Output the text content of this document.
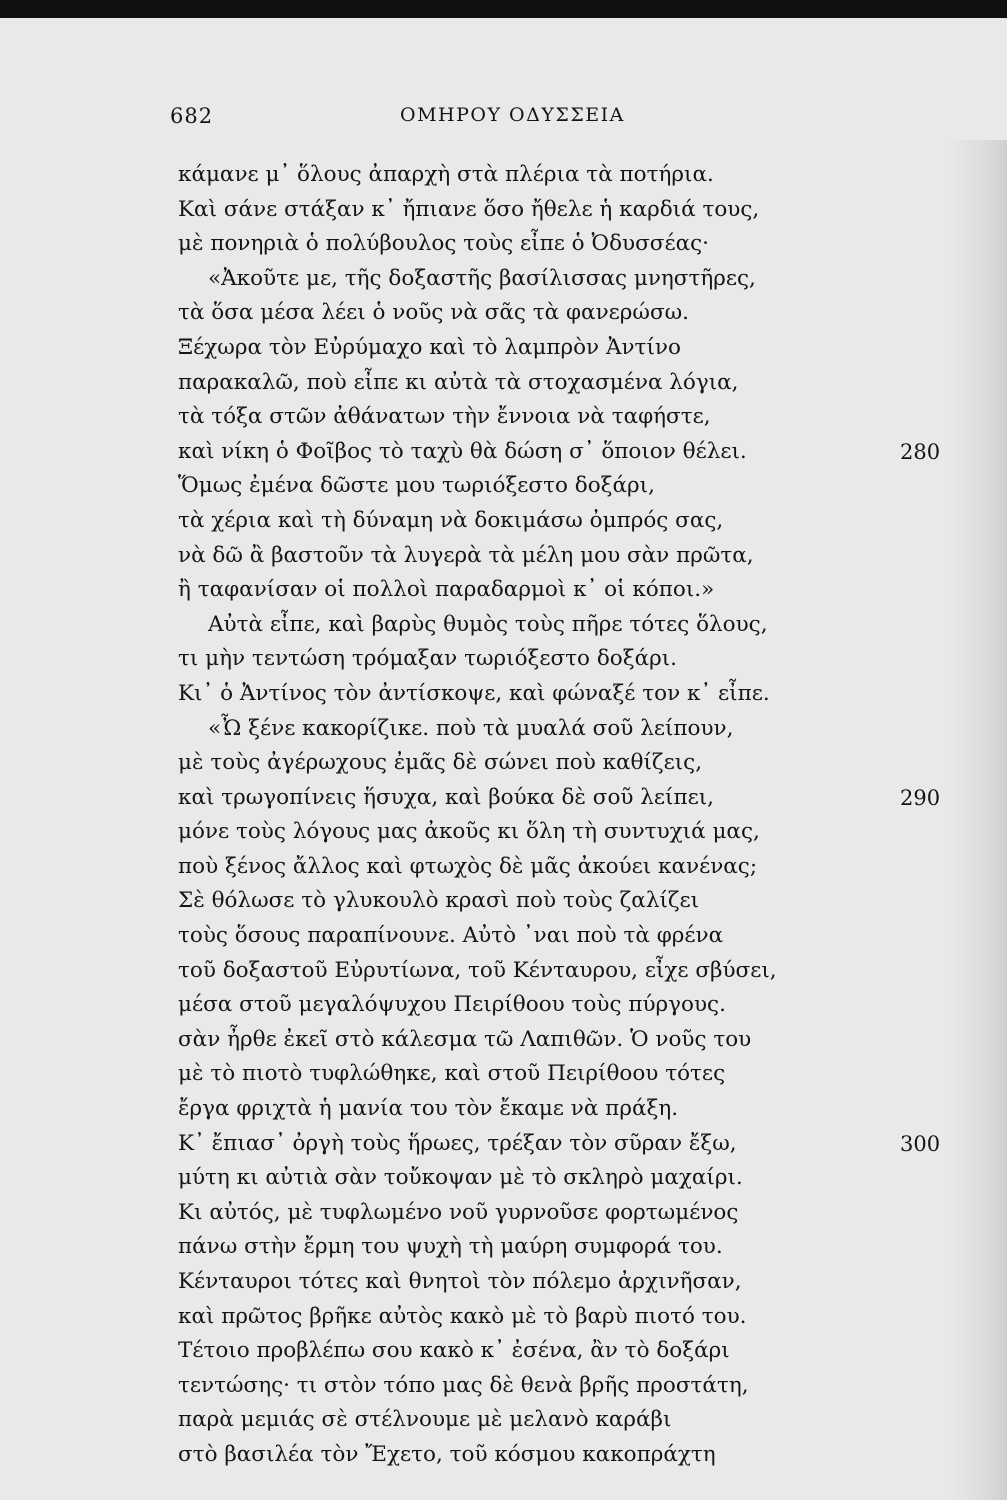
682	ΟΜΗΡΟΥ ΟΔΥΣΣΕΙΑ
κάμανε μ᾽ ὅλους ἀπαρχὴ στὰ πλέρια τὰ ποτήρια.
Καὶ σάνε στάξαν κ᾽ ἤπιανε ὅσο ἤθελε ἡ καρδιά τους,
μὲ πονηριὰ ὁ πολύβουλος τοὺς εἶπε ὁ Ὀδυσσέας·
«Ἀκοῦτε με, τῆς δοξαστῆς βασίλισσας μνηστῆρες,
τὰ ὅσα μέσα λέει ὁ νοῦς νὰ σᾶς τὰ φανερώσω.
Ξέχωρα τὸν Εὐρύμαχο καὶ τὸ λαμπρὸν Ἀντίνο
παρακαλῶ, ποὺ εἶπε κι αὐτὰ τὰ στοχασμένα λόγια,
τὰ τόξα στῶν ἀθάνατων τὴν ἔννοια νὰ ταφήστε,
καὶ νίκη ὁ Φοῖβος τὸ ταχὺ θὰ δώση σ᾽ ὅποιον θέλει.	280
Ὅμως ἐμένα δῶστε μου τωριόξεστο δοξάρι,
τὰ χέρια καὶ τὴ δύναμη νὰ δοκιμάσω ὀμπρός σας,
νὰ δῶ ἂ βαστοῦν τὰ λυγερὰ τὰ μέλη μου σὰν πρῶτα,
ἢ ταφανίσαν οἱ πολλοὶ παραδαρμοὶ κ᾽ οἱ κόποι.»
Αὐτὰ εἶπε, καὶ βαρὺς θυμὸς τοὺς πῆρε τότες ὅλους,
τι μὴν τεντώση τρόμαξαν τωριόξεστο δοξάρι.
Κι᾽ ὁ Ἀντίνος τὸν ἀντίσκοψε, καὶ φώναξέ τον κ᾽ εἶπε.
«Ὦ ξένε κακορίζικε. ποὺ τὰ μυαλά σοῦ λείπουν,
μὲ τοὺς ἀγέρωχους ἐμᾶς δὲ σώνει ποὺ καθίζεις,
καὶ τρωγοπίνεις ἥσυχα, καὶ βούκα δὲ σοῦ λείπει,	290
μόνε τοὺς λόγους μας ἀκοῦς κι ὅλη τὴ συντυχιά μας,
ποὺ ξένος ἄλλος καὶ φτωχὸς δὲ μᾶς ἀκούει κανένας;
Σὲ θόλωσε τὸ γλυκουλὸ κρασὶ ποὺ τοὺς ζαλίζει
τοὺς ὅσους παραπίνουνε. Αὐτὸ ᾽ναι ποὺ τὰ φρένα
τοῦ δοξαστοῦ Εὐρυτίωνα, τοῦ Κένταυρου, εἶχε σβύσει,
μέσα στοῦ μεγαλόψυχου Πειρίθοου τοὺς πύργους.
σὰν ἦρθε ἐκεῖ στὸ κάλεσμα τῶ Λαπιθῶν. Ὁ νοῦς του
μὲ τὸ πιοτὸ τυφλώθηκε, καὶ στοῦ Πειρίθοου τότες
ἔργα φριχτὰ ἡ μανία του τὸν ἔκαμε νὰ πράξη.
Κ᾽ ἔπιασ᾽ ὀργὴ τοὺς ἥρωες, τρέξαν τὸν σῦραν ἔξω,	300
μύτη κι αὐτιὰ σὰν τοὔκοψαν μὲ τὸ σκληρὸ μαχαίρι.
Κι αὐτός, μὲ τυφλωμένο νοῦ γυρνοῦσε φορτωμένος
πάνω στὴν ἔρμη του ψυχὴ τὴ μαύρη συμφορά του.
Κένταυροι τότες καὶ θνητοὶ τὸν πόλεμο ἀρχινῆσαν,
καὶ πρῶτος βρῆκε αὐτὸς κακὸ μὲ τὸ βαρὺ πιοτό του.
Τέτοιο προβλέπω σου κακὸ κ᾽ ἐσένα, ἂν τὸ δοξάρι
τεντώσης· τι στὸν τόπο μας δὲ θενὰ βρῆς προστάτη,
παρὰ μεμιάς σὲ στέλνουμε μὲ μελανὸ καράβι
στὸ βασιλέα τὸν Ἔχετο, τοῦ κόσμου κακοπράχτη
